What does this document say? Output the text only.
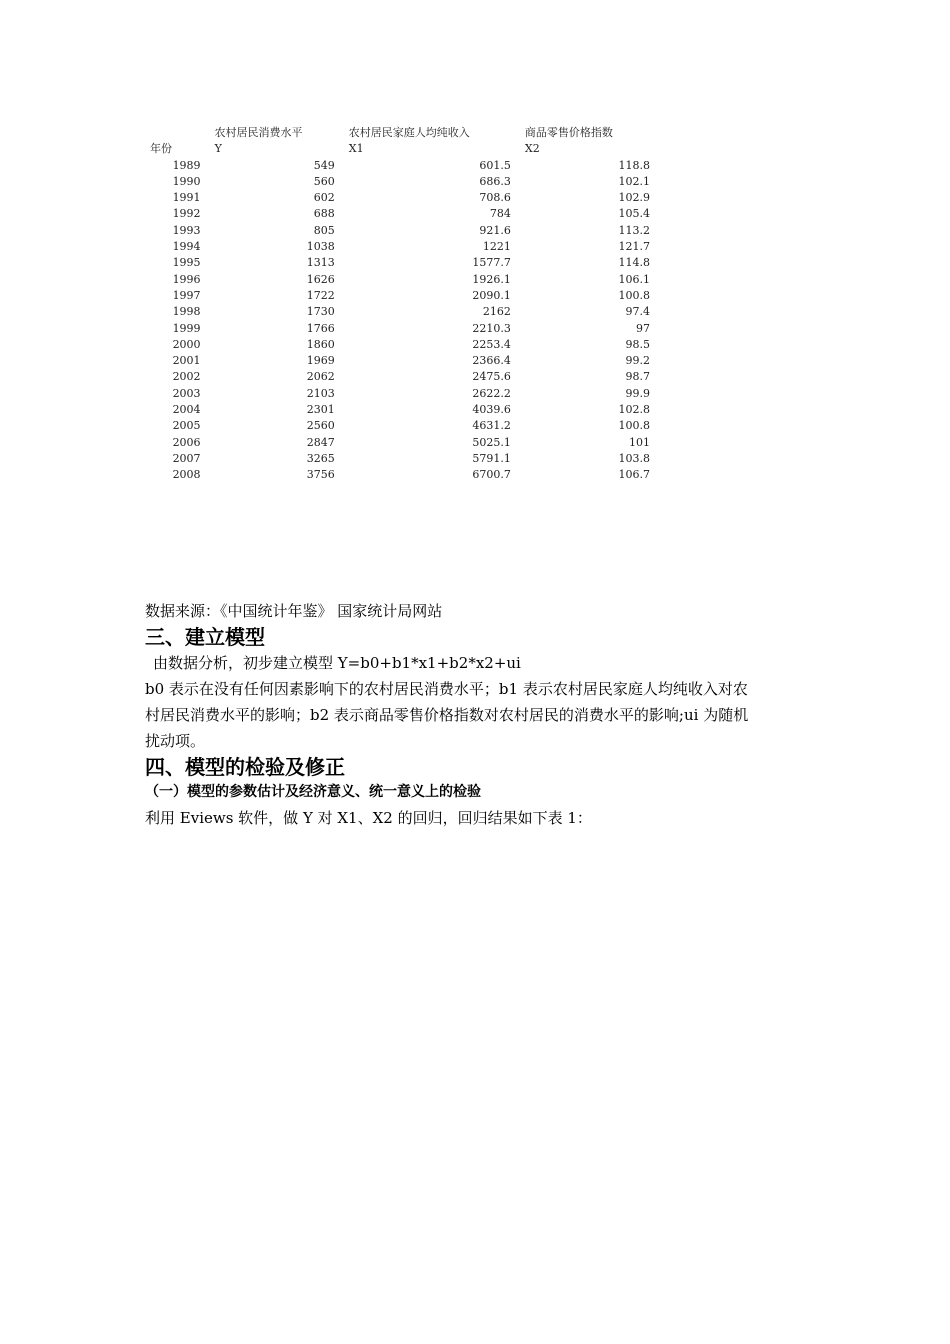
	农村居民消费水平	农村居民家庭人均纯收入	商品零售价格指数
年份	Y	X1	X2
1989	549	601.5	118.8
1990	560	686.3	102.1
1991	602	708.6	102.9
1992	688	784	105.4
1993	805	921.6	113.2
1994	1038	1221	121.7
1995	1313	1577.7	114.8
1996	1626	1926.1	106.1
1997	1722	2090.1	100.8
1998	1730	2162	97.4
1999	1766	2210.3	97
2000	1860	2253.4	98.5
2001	1969	2366.4	99.2
2002	2062	2475.6	98.7
2003	2103	2622.2	99.9
2004	2301	4039.6	102.8
2005	2560	4631.2	100.8
2006	2847	5025.1	101
2007	3265	5791.1	103.8
2008	3756	6700.7	106.7

数据来源：《中国统计年鉴》 国家统计局网站

三、建立模型

由数据分析，初步建立模型 Y=b0+b1*x1+b2*x2+ui

b0 表示在没有任何因素影响下的农村居民消费水平；b1 表示农村居民家庭人均纯收入对农

村居民消费水平的影响；b2 表示商品零售价格指数对农村居民的消费水平的影响;ui 为随机

扰动项。

四、模型的检验及修正

（一）模型的参数估计及经济意义、统一意义上的检验

利用 Eviews 软件，做 Y 对 X1、X2 的回归，回归结果如下表 1：
